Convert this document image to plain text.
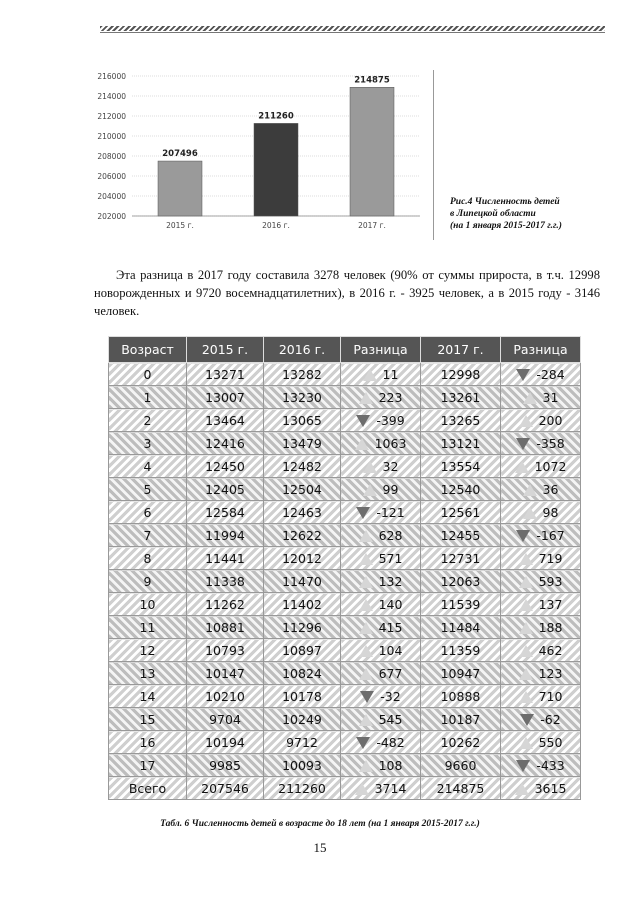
202000
204000
206000
208000
210000
212000
214000
216000
207496
2015 г.
211260
2016 г.
214875
2017 г.
Рис.4 Численность детей
в Липецкой области
(на 1 января 2015-2017 г.г.)

Эта разница в 2017 году составила 3278 человек (90% от суммы прироста, в т.ч. 12998 новорожденных и 9720 восемнадцатилетних), в 2016 г. - 3925 человек, а в 2015 году - 3146 человек.

Возраст	2015 г.	2016 г.	Разница	2017 г.	Разница
0	13271	13282	11	12998	-284
1	13007	13230	223	13261	31
2	13464	13065	-399	13265	200
3	12416	13479	1063	13121	-358
4	12450	12482	32	13554	1072
5	12405	12504	99	12540	36
6	12584	12463	-121	12561	98
7	11994	12622	628	12455	-167
8	11441	12012	571	12731	719
9	11338	11470	132	12063	593
10	11262	11402	140	11539	137
11	10881	11296	415	11484	188
12	10793	10897	104	11359	462
13	10147	10824	677	10947	123
14	10210	10178	-32	10888	710
15	9704	10249	545	10187	-62
16	10194	9712	-482	10262	550
17	9985	10093	108	9660	-433
Всего	207546	211260	3714	214875	3615
Табл. 6 Численность детей в возрасте до 18 лет (на 1 января 2015-2017 г.г.)
15
